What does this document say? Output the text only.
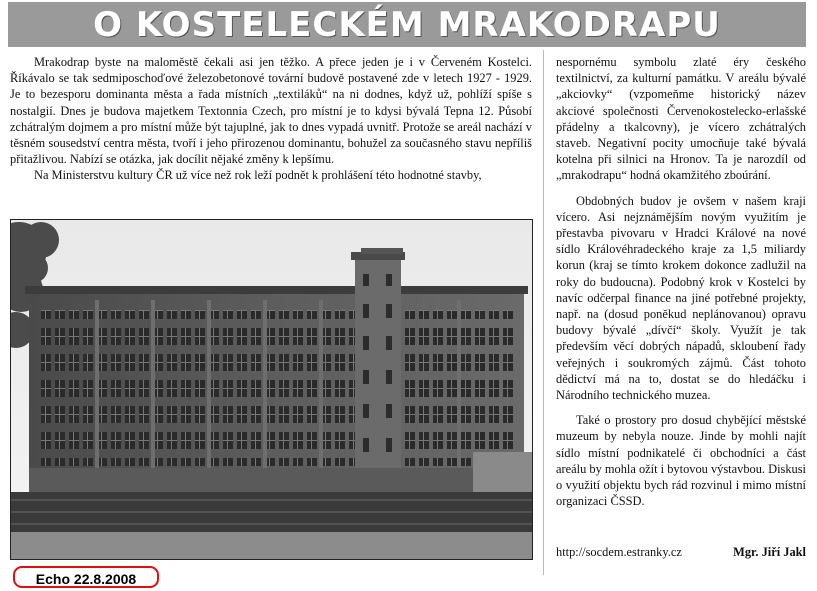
O KOSTELECKÉM MRAKODRAPU

Mrakodrap byste na maloměstě čekali asi jen těžko. A přece jeden je i v Červeném Kostelci. Říkávalo se tak sedmiposchoďové železobetonové tovární budově postavené zde v letech 1927 - 1929. Je to bezesporu dominanta města a řada místních „textiláků“ na ni dodnes, když už, pohlíží spíše s nostalgií. Dnes je budova majetkem Textonnia Czech, pro místní je to kdysi bývalá Tepna 12. Působí zchátralým dojmem a pro místní může být tajuplné, jak to dnes vypadá uvnitř. Protože se areál nachází v těsném sousedství centra města, tvoří i jeho přirozenou dominantu, bohužel za současného stavu nepříliš přitažlivou. Nabízí se otázka, jak docílit nějaké změny k lepšímu.

Na Ministerstvu kultury ČR už více než rok leží podnět k prohlášení této hodnotné stavby,

nespornému symbolu zlaté éry českého textilnictví, za kulturní památku. V areálu bývalé „akciovky“ (vzpomeňme historický název akciové společnosti Červenokostelecko-erlašské přádelny a tkalcovny), je vícero zchátralých staveb. Negativní pocity umocňuje také bývalá kotelna při silnici na Hronov. Ta je narozdíl od „mrakodrapu“ hodná okamžitého zboúrání.

Obdobných budov je ovšem v našem kraji vícero. Asi nejznámějším novým využitím je přestavba pivovaru v Hradci Králové na nové sídlo Královéhradeckého kraje za 1,5 miliardy korun (kraj se tímto krokem dokonce zadlužil na roky do budoucna). Podobný krok v Kostelci by navíc odčerpal finance na jiné potřebné projekty, např. na (dosud poněkud neplánovanou) opravu budovy bývalé „dívčí“ školy. Využít je tak především věcí dobrých nápadů, skloubení řady veřejných i soukromých zájmů. Část tohoto dědictví má na to, dostat se do hledáčku i Národního technického muzea.

Také o prostory pro dosud chybějící městské muzeum by nebyla nouze. Jinde by mohli najít sídlo místní podnikatelé či obchodníci a část areálu by mohla ožít i bytovou výstavbou. Diskusi o využití objektu bych rád rozvinul i mimo místní organizaci ČSSD.

http://socdem.estranky.cz	Mgr. Jiří Jakl
Echo 22.8.2008
